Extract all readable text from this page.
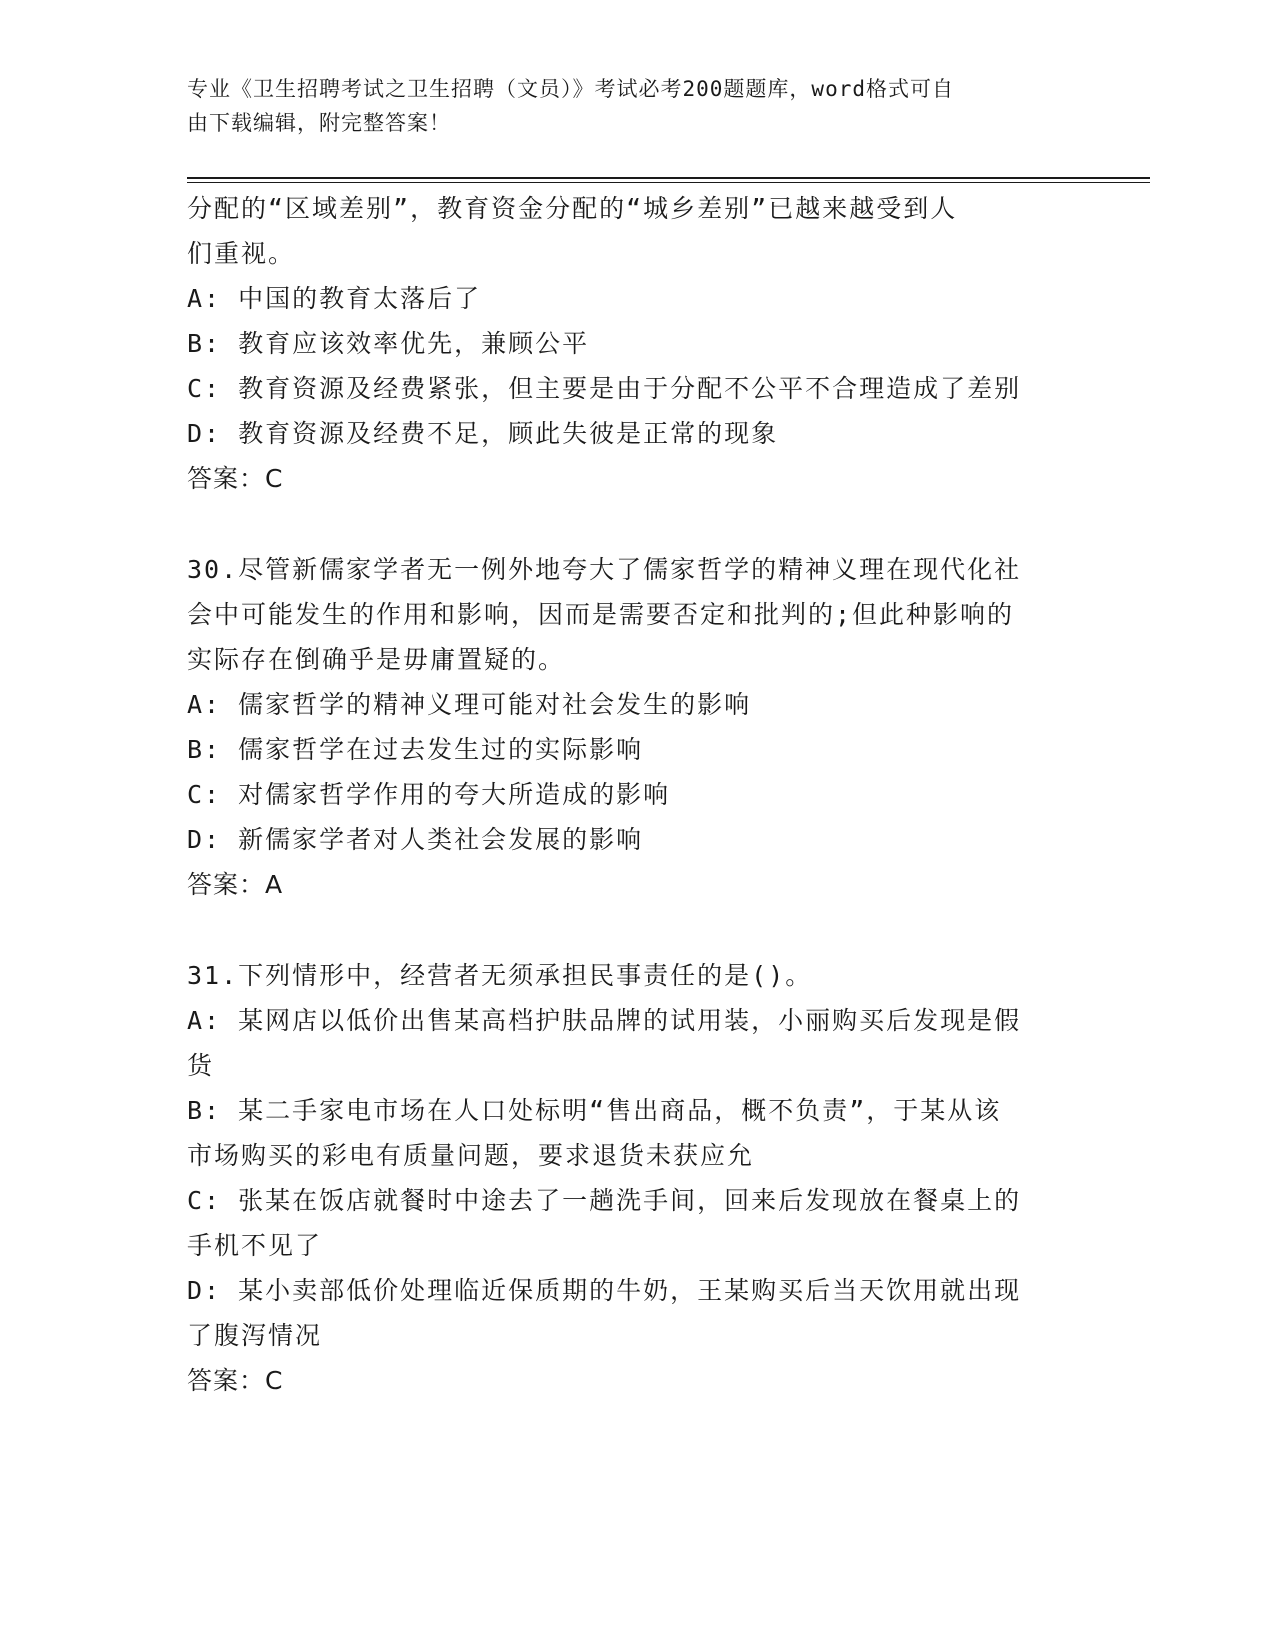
专业《卫生招聘考试之卫生招聘（文员）》考试必考200题题库，word格式可自
由下载编辑，附完整答案！
分配的“区域差别”，教育资金分配的“城乡差别”已越来越受到人
们重视。
A: 中国的教育太落后了
B: 教育应该效率优先，兼顾公平
C: 教育资源及经费紧张，但主要是由于分配不公平不合理造成了差别
D: 教育资源及经费不足，顾此失彼是正常的现象
答案：C
30.尽管新儒家学者无一例外地夸大了儒家哲学的精神义理在现代化社
会中可能发生的作用和影响，因而是需要否定和批判的;但此种影响的
实际存在倒确乎是毋庸置疑的。
A: 儒家哲学的精神义理可能对社会发生的影响
B: 儒家哲学在过去发生过的实际影响
C: 对儒家哲学作用的夸大所造成的影响
D: 新儒家学者对人类社会发展的影响
答案：A
31.下列情形中，经营者无须承担民事责任的是()。
A: 某网店以低价出售某高档护肤品牌的试用装，小丽购买后发现是假
货
B: 某二手家电市场在人口处标明“售出商品，概不负责”，于某从该
市场购买的彩电有质量问题，要求退货未获应允
C: 张某在饭店就餐时中途去了一趟洗手间，回来后发现放在餐桌上的
手机不见了
D: 某小卖部低价处理临近保质期的牛奶，王某购买后当天饮用就出现
了腹泻情况
答案：C
